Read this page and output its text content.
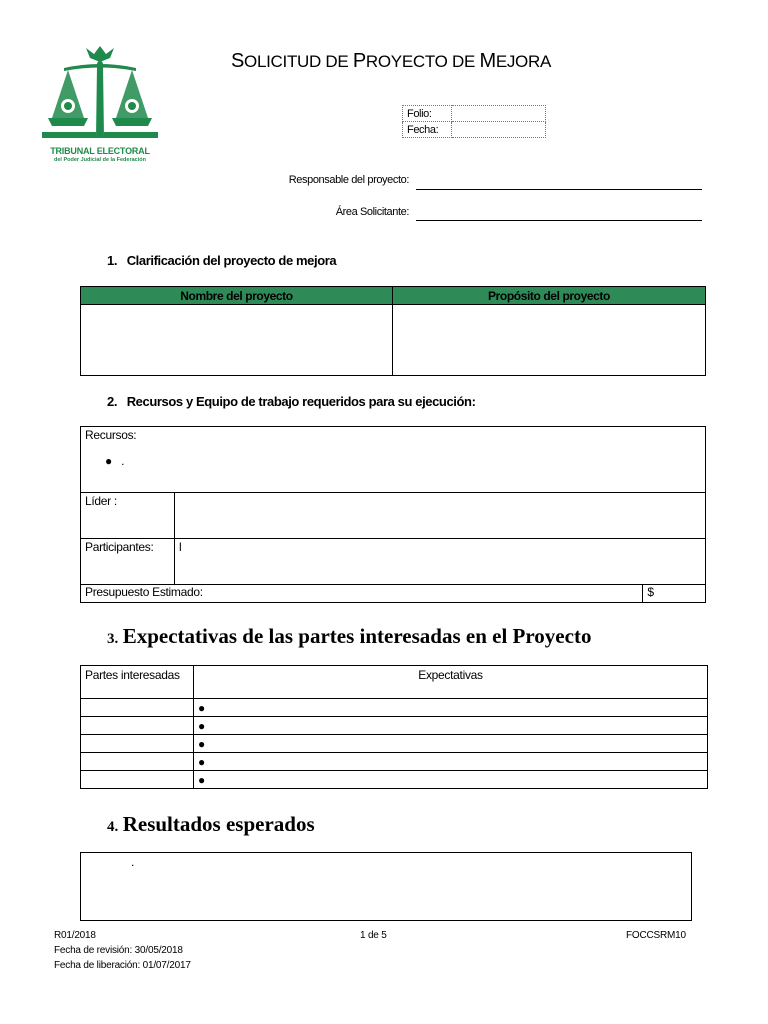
TRIBUNAL ELECTORAL
del Poder Judicial de la Federación
SOLICITUD DE PROYECTO DE MEJORA
Folio:	
Fecha:	
Responsable del proyecto:
Área Solicitante:
1. Clarificación del proyecto de mejora
Nombre del proyecto	Propósito del proyecto

2. Recursos y Equipo de trabajo requeridos para su ejecución:
Recursos:
● .		

Líder :		
Participantes:	l	
Presupuesto Estimado:		$
3. Expectativas de las partes interesadas en el Proyecto
Partes interesadas	Expectativas
	●
	●
	●
	●
	●
4. Resultados esperados
.
R01/2018
Fecha de revisión: 30/05/2018
Fecha de liberación: 01/07/2017
1 de 5	FOCCSRM10
